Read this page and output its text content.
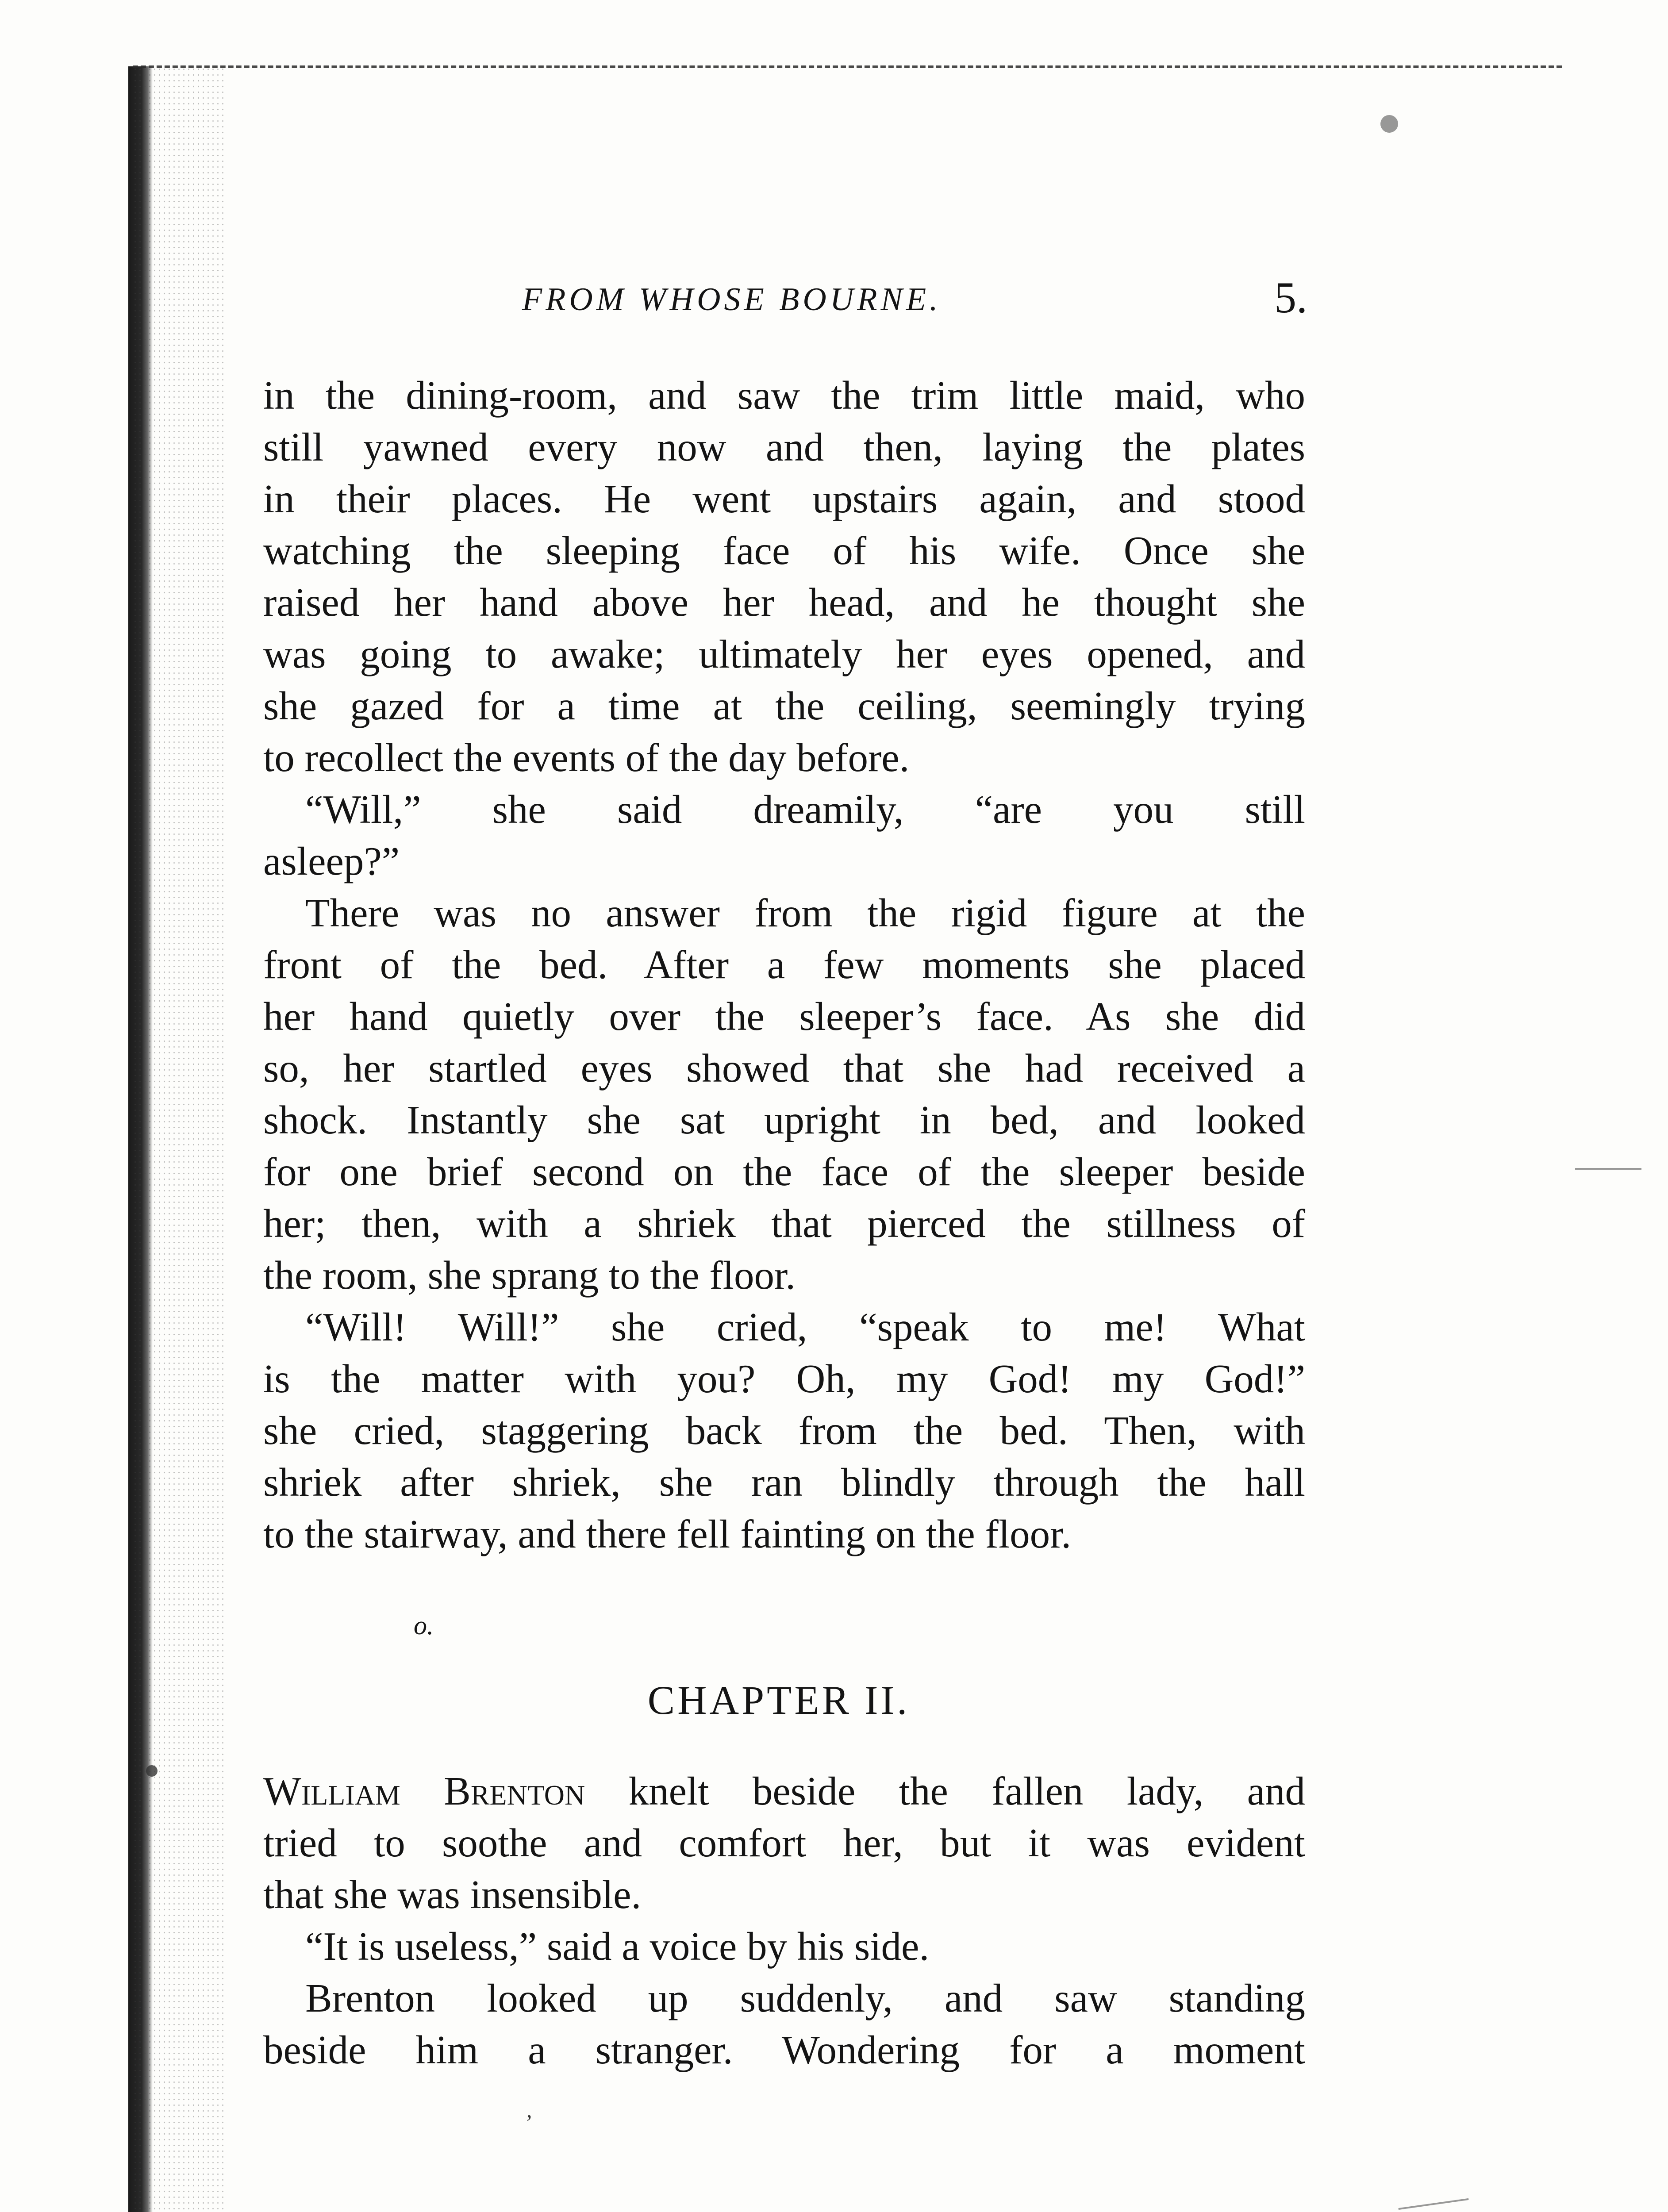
FROM WHOSE BOURNE.	5.
in the dining-room, and saw the trim little maid, who
still yawned every now and then, laying the plates
in their places. He went upstairs again, and stood
watching the sleeping face of his wife. Once she
raised her hand above her head, and he thought she
was going to awake; ultimately her eyes opened, and
she gazed for a time at the ceiling, seemingly trying
to recollect the events of the day before.
“Will,” she said dreamily, “are you still
asleep?”
There was no answer from the rigid figure at the
front of the bed. After a few moments she placed
her hand quietly over the sleeper’s face. As she did
so, her startled eyes showed that she had received a
shock. Instantly she sat upright in bed, and looked
for one brief second on the face of the sleeper beside
her; then, with a shriek that pierced the stillness of
the room, she sprang to the floor.
“Will! Will!” she cried, “speak to me! What
is the matter with you? Oh, my God! my God!”
she cried, staggering back from the bed. Then, with
shriek after shriek, she ran blindly through the hall
to the stairway, and there fell fainting on the floor.
o.
CHAPTER II.
William Brenton knelt beside the fallen lady, and
tried to soothe and comfort her, but it was evident
that she was insensible.
“It is useless,” said a voice by his side.
Brenton looked up suddenly, and saw standing
beside him a stranger. Wondering for a moment
,
